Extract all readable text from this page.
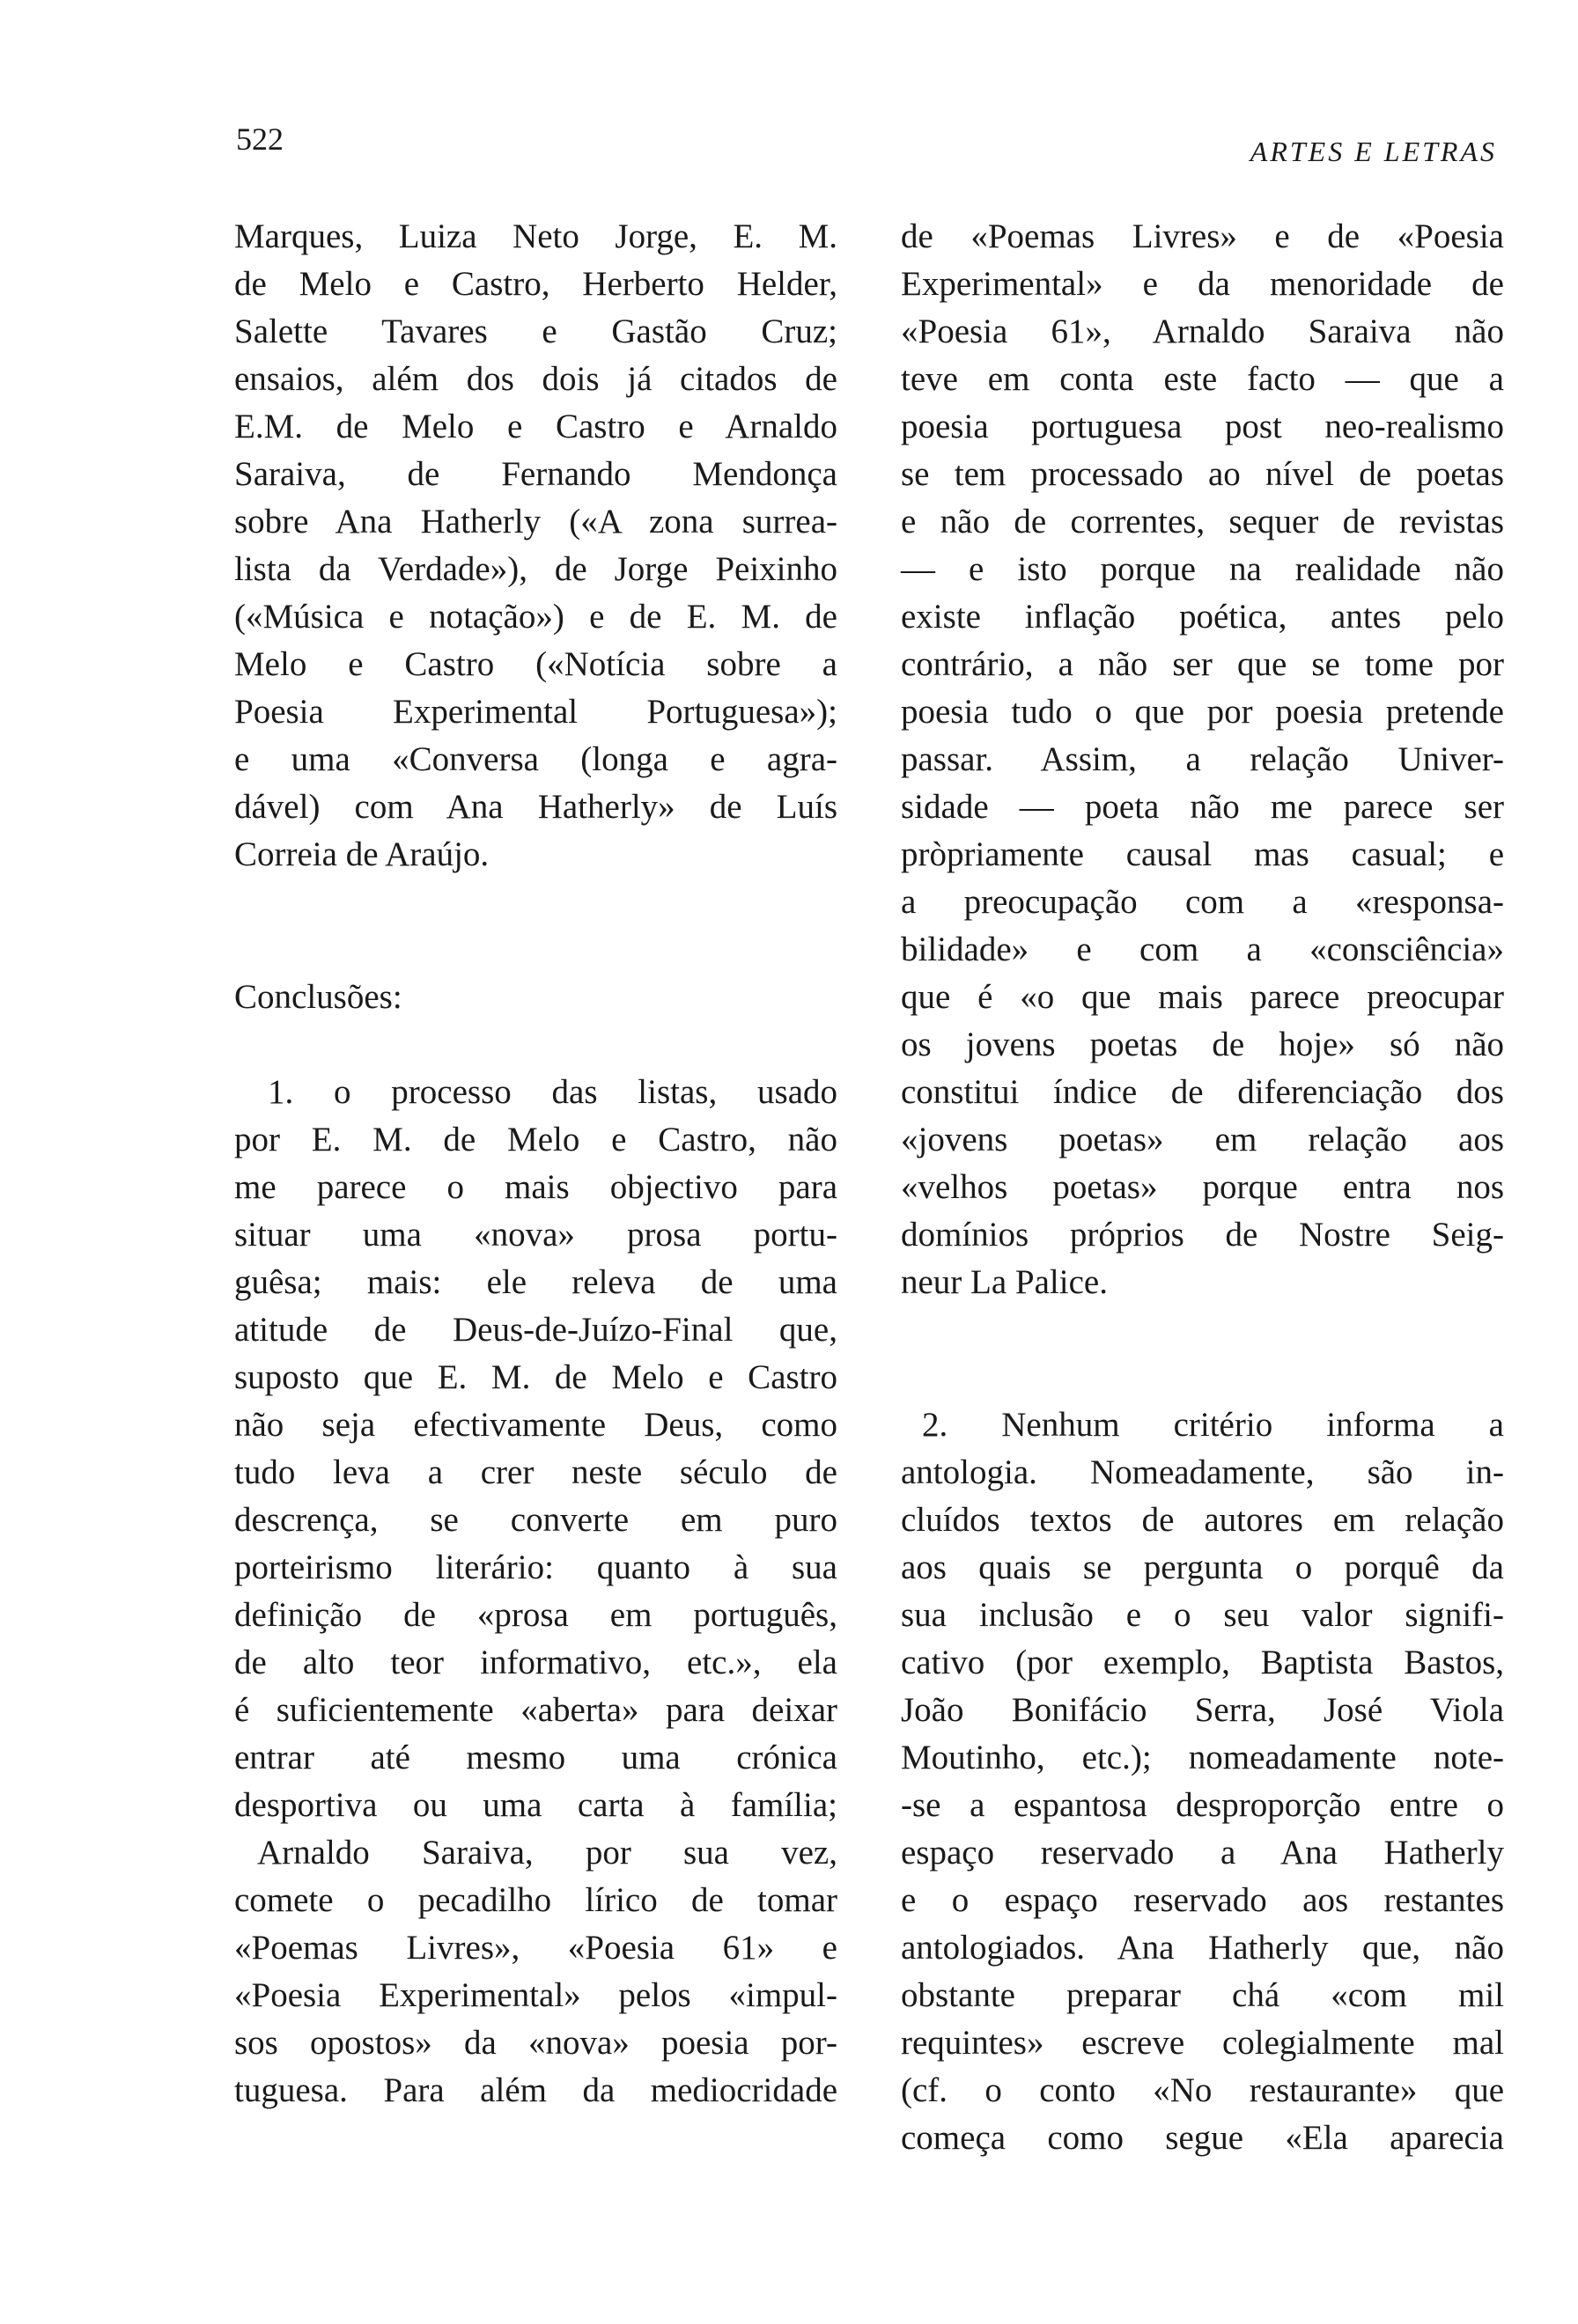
522	ARTES E LETRAS
Marques, Luiza Neto Jorge, E. M.
de Melo e Castro, Herberto Helder,
Salette Tavares e Gastão Cruz;
ensaios, além dos dois já citados de
E.M. de Melo e Castro e Arnaldo
Saraiva, de Fernando Mendonça
sobre Ana Hatherly («A zona surrea-
lista da Verdade»), de Jorge Peixinho
(«Música e notação») e de E. M. de
Melo e Castro («Notícia sobre a
Poesia Experimental Portuguesa»);
e uma «Conversa (longa e agra-
dável) com Ana Hatherly» de Luís
Correia de Araújo.
Conclusões:
1. o processo das listas, usado
por E. M. de Melo e Castro, não
me parece o mais objectivo para
situar uma «nova» prosa portu-
guêsa; mais: ele releva de uma
atitude de Deus-de-Juízo-Final que,
suposto que E. M. de Melo e Castro
não seja efectivamente Deus, como
tudo leva a crer neste século de
descrença, se converte em puro
porteirismo literário: quanto à sua
definição de «prosa em português,
de alto teor informativo, etc.», ela
é suficientemente «aberta» para deixar
entrar até mesmo uma crónica
desportiva ou uma carta à família;
Arnaldo Saraiva, por sua vez,
comete o pecadilho lírico de tomar
«Poemas Livres», «Poesia 61» e
«Poesia Experimental» pelos «impul-
sos opostos» da «nova» poesia por-
tuguesa. Para além da mediocridade
de «Poemas Livres» e de «Poesia
Experimental» e da menoridade de
«Poesia 61», Arnaldo Saraiva não
teve em conta este facto — que a
poesia portuguesa post neo-realismo
se tem processado ao nível de poetas
e não de correntes, sequer de revistas
— e isto porque na realidade não
existe inflação poética, antes pelo
contrário, a não ser que se tome por
poesia tudo o que por poesia pretende
passar. Assim, a relação Univer-
sidade — poeta não me parece ser
pròpriamente causal mas casual; e
a preocupação com a «responsa-
bilidade» e com a «consciência»
que é «o que mais parece preocupar
os jovens poetas de hoje» só não
constitui índice de diferenciação dos
«jovens poetas» em relação aos
«velhos poetas» porque entra nos
domínios próprios de Nostre Seig-
neur La Palice.
2. Nenhum critério informa a
antologia. Nomeadamente, são in-
cluídos textos de autores em relação
aos quais se pergunta o porquê da
sua inclusão e o seu valor signifi-
cativo (por exemplo, Baptista Bastos,
João Bonifácio Serra, José Viola
Moutinho, etc.); nomeadamente note-
-se a espantosa desproporção entre o
espaço reservado a Ana Hatherly
e o espaço reservado aos restantes
antologiados. Ana Hatherly que, não
obstante preparar chá «com mil
requintes» escreve colegialmente mal
(cf. o conto «No restaurante» que
começa como segue «Ela aparecia
